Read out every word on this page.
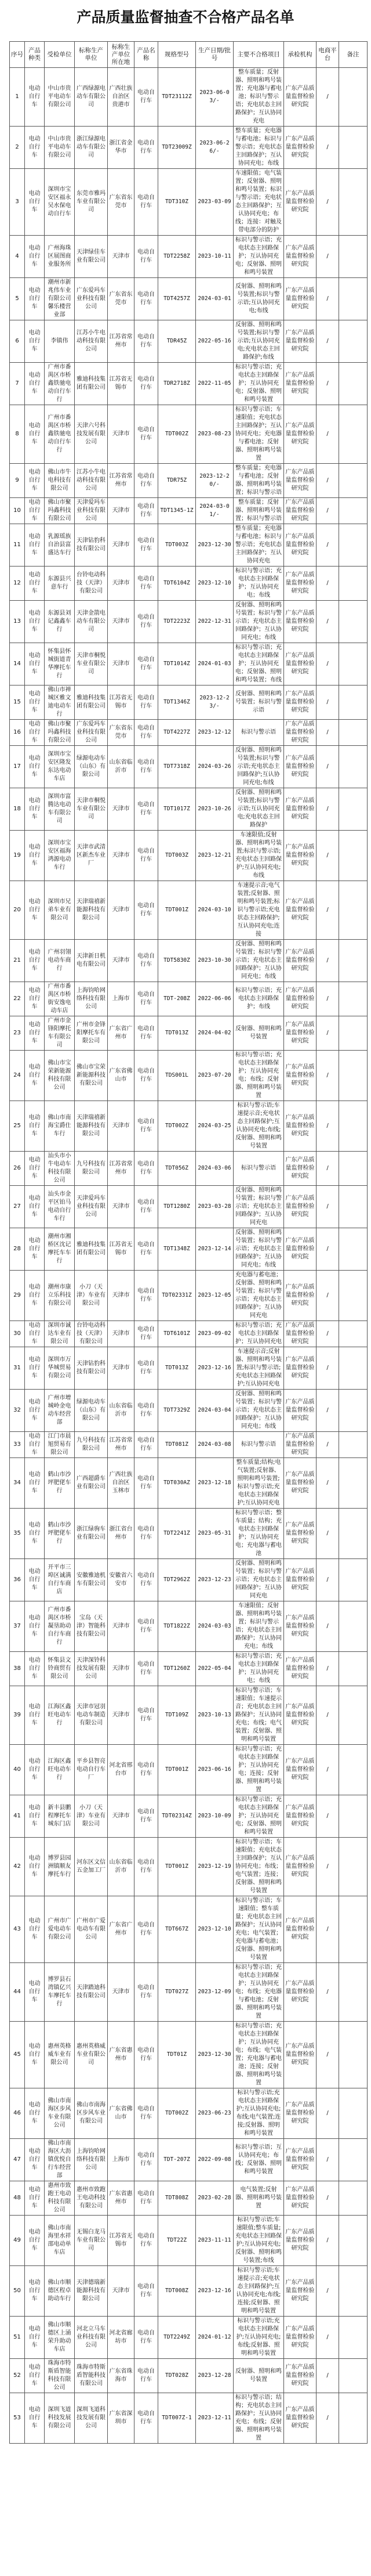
产品质量监督抽查不合格产品名单
序号	产品种类	受检单位	标称生产单位	标称生产单位所在地	产品名称	规格型号	生产日期/批号	主要不合格项目	承检机构	电商平台	备注
1	电动自行车	中山市贵平电动车有限公司	广西绿源电动车有限公司	广西壮族自治区 贵港市	电动自行车	TDT23112Z	2023-06-03/-	整车质量；反射器、照明和鸣号装置；充电器与蓄电池；标识与警示语；充电状态主回路保护；互认协同充电	广东产品质量监督检验研究院	/	
2	电动自行车	中山市贵平电动车有限公司	浙江绿源电动车有限公司	浙江省金华市	电动自行车	TDT23009Z	2023-06-26/-	整车质量；充电器与蓄电池；标识与警示语；充电状态主回路保护；互认协同充电；布线	广东产品质量监督检验研究院	/	
3	电动自行车	深圳市宝安区福永吴水保电动自行车	东莞市雅玛车业有限公司	广东省东莞市	电动自行车	TDT310Z	2023-03-09	车速限值；电气装置；反射器、照明和鸣号装置；标识与警示语；充电状态主回路保护；互认协同充电；布线；连接：对触及带电部分的防护	广东产品质量监督检验研究院	/	
4	电动自行车	广州海珠区展图商业服务所	天津绿佳车业有限公司	天津市	电动自行车	TDT2258Z	2023-10-11	标识与警示语；充电状态主回路保护；互认协同充电；反射器、照明和鸣号装置	广东产品质量监督检验研究院	/	
5	电动自行车	潮州市新兆伟车业有限公司馨乐楼营业部	广东爱玛车业科技有限公司	广东省东莞市	电动自行车	TDT4257Z	2024-03-01	反射器、照明和鸣号装置;标识与警示语;互认协同充电;布线	广东产品质量监督检验研究院	/	
6	电动自行车	李镇伟	江苏小牛电动科技有限公司	江苏省常州市	电动自行车	TDR45Z	2022-05-16	反射器、照明和鸣号装置;标识与警示语;互认协同充电;充电状态主回路保护;布线	广东产品质量监督检验研究院	/	
7	电动自行车	广州市番禺区市桥鑫铁驰电动自行车行	雅迪科技集团有限公司	江苏省无锡市	电动自行车	TDR2718Z	2022-11-05	标识与警示语；充电状态主回路保护；互认协同充电；反射器、照明和鸣号装置	广东产品质量监督检验研究院	/	
8	电动自行车	广州市番禺区市桥鑫铁驰电动自行车行	天津六号科技发展有限公司	天津市	电动自行车	TDT002Z	2023-08-23	标识与警示语；车速限值；充电状态主回路保护；互认协同充电；充电器与蓄电池；反射器、照明和鸣号装置	广东产品质量监督检验研究院	/	
9	电动自行车	佛山市牛电科技有限公司	江苏小牛电动科技有限公司	江苏省常州市	电动自行车	TDR75Z	2023-12-20/-	整车质量；充电器与蓄电池；反射器、照明和鸣号装置；标识与警示语	广东产品质量监督检验研究院	/	
10	电动自行车	佛山市聚玛鑫科技有限公司	天津爱玛车业科技有限公司	天津市	电动自行车	TDT1345-1Z	2024-03-01/-	整车质量；反射器、照明和鸣号装置；标识与警示语	广东产品质量监督检验研究院	/	
11	电动自行车	乳源瑶族自治县富盛达车行	天津钻豹科技有限公司	天津市	电动自行车	TDT003Z	2023-12-30	整车质量；充电器与蓄电池；标识与警示语；充电状态主回路保护；互认协同充电	广东产品质量监督检验研究院	/	
12	电动自行车	东源县兴意车行	台铃电动科技（天津）有限公司	天津市	电动自行车	TDT6104Z	2023-12-10	标识与警示语；充电状态主回路保护；互认协同充电；布线	广东产品质量监督检验研究院	/	
13	电动自行车	东源县刘记鑫鑫车行	天津金箭电动车有限公司	天津市	电动自行车	TDT2223Z	2022-12-31	反射器、照明和鸣号装置；标识与警示语；充电状态主回路保护；互认协同充电；布线	广东产品质量监督检验研究院	/	
14	电动自行车	怀集县怀城街道青华摩托车行	天津市桐悦车业有限公司	天津市	电动自行车	TDT1014Z	2024-01-03	标识与警示语；充电状态主回路保护；互认协同充电；反射器、照明和鸣号装置；布线	广东产品质量监督检验研究院	/	
15	电动自行车	佛山市禅城区雅文迪电动车行	雅迪科技集团有限公司	江苏省无锡市	电动自行车	TDT1346Z	2023-12-23/-	反射器、照明和鸣号装置；标识与警示语	广东产品质量监督检验研究院	/	
16	电动自行车	佛山市聚玛鑫科技有限公司	广东爱玛车业科技有限公司	广东省东莞市	电动自行车	TDT4227Z	2023-12-12	标识与警示语	广东产品质量监督检验研究院	/	
17	电动自行车	深圳市宝安区隆发东达电动车店	绿源电动车（山东）有限公司	山东省临沂市	电动自行车	TDT7318Z	2024-03-26	反射器、照明和鸣号装置;标识与警示语;充电状态主回路保护;互认协同充电;布线	广东产品质量监督检验研究院	/	
18	电动自行车	深圳市富腾达电动车有限公司	天津市桐悦车业有限公司	天津市	电动自行车	TDT1017Z	2023-10-26	反射器、照明和鸣号装置;标识与警示语;互认协同充电;充电状态主回路保护	广东产品质量监督检验研究院	/	
19	电动自行车	深圳市宝安区福海鸿源电动车行	天津市武清区新杰车业厂	天津市	电动自行车	TDT003Z	2023-12-21	车速限值;反射器、照明和鸣号装置;标识与警示语;充电状态主回路保护;互认协同充电;布线	广东产品质量监督检验研究院	/	
20	电动自行车	深圳市兄弟车业有限公司	天津瑞禧新能源科技有限公司	天津市	电动自行车	TDT001Z	2024-03-10	车速提示音;电气装置;反射器、照明和鸣号装置;标识与警示语;充电状态主回路保护;互认协同充电;连接	广东产品质量监督检验研究院	/	
21	电动自行车	广州羽翎电动车商行	天津新日机电有限公司	天津市	电动自行车	TDT5830Z	2023-10-30	反射器、照明和鸣号装置；标识与警示语；充电状态主回路保护；互认协同充电；布线	广东产品质量监督检验研究院	/	
22	电动自行车	广州市番禺区市桥街安逸电动车店	上海钧哈网络科技有限公司	上海市	电动自行车	TDT-208Z	2022-06-06	标识与警示语；充电状态主回路保护；布线	广东产品质量监督检验研究院	/	
23	电动自行车	广州市金锋阳摩托车有限公司	广州市金锋阳摩托车有限公司	广东省广州市	电动自行车	TDT013Z	2024-04-02	反射器、照明和鸣号装置	广东产品质量监督检验研究院	/	
24	电动自行车	佛山市宝荣新能源科技有限公司	佛山市宝荣新能源科技有限公司	广东省佛山市	电动自行车	TDS001L	2023-07-20	标识与警示语；充电状态主回路保护；互认协同充电；布线；反射器、照明和鸣号装置	广东产品质量监督检验研究院	/	
25	电动自行车	佛山市南海宝爵仕车行	天津瑞禧新能源科技有限公司	天津市	电动自行车	TDT002Z	2024-03-25	标识与警示语;车速提示音;充电状态主回路保护;互认协同充电;布线;反射器、照明和鸣号装置	广东产品质量监督检验研究院	/	
26	电动自行车	汕头市小牛电动车科技有限公司	九号科技有限公司	江苏省常州市	电动自行车	TDT056Z	2024-03-06	标识与警示语	广东产品质量监督检验研究院	/	
27	电动自行车	汕头市金平区铂马电动自行车行	天津爱玛车业科技有限公司	天津市	电动自行车	TDT1280Z	2023-03-28	反射器、照明和鸣号装置；标识与警示语；充电状态主回路保护；互认协同充电	广东产品质量监督检验研究院	/	
28	电动自行车	潮州市湘桥区沈记摩托车车行	雅迪科技集团有限公司	江苏省无锡市	电动自行车	TDT1348Z	2023-12-14	反射器、照明和鸣号装置；标识与警示语；充电状态主回路保护；互认协同充电；布线	广东产品质量监督检验研究院	/	
29	电动自行车	潮州市康立乐科技有限公司	小刀（天津）车业有限公司	天津市	电动自行车	TDT02331Z	2023-12-05	充电器与蓄电池；反射器、照明和鸣号装置；标识与警示语；充电状态主回路保护；互认协同充电	广东产品质量监督检验研究院	/	
30	电动自行车	深圳市诚达车业有限公司	台铃电动科技（天津）有限公司	天津市	电动自行车	TDT6101Z	2023-09-02	标识与警示语；充电状态主回路保护；互认协同充电	广东产品质量监督检验研究院	/	
31	电动自行车	深圳市万华城贸易有限公司	天津钻豹科技有限公司	天津市	电动自行车	TDT013Z	2023-12-16	车速提示音;反射器、照明和鸣号装置;标识与警示语;充电状态主回路保护;互认协同充电	广东产品质量监督检验研究院	/	
32	电动自行车	广州市增城岭金电动车经营部	绿源电动车（山东）有限公司	山东省临沂市	电动自行车	TDT7329Z	2024-03-04	反射器、照明和鸣号装置；标识与警示语；充电状态主回路保护；互认协同充电；布线	广东产品质量监督检验研究院	/	
33	电动自行车	江门市晨旭贸易有限公司	九号科技有限公司	江苏省常州市	电动自行车	TDT081Z	2024-03-08	标识与警示语	广东产品质量监督检验研究院	/	
34	电动自行车	鹤山市沙坪肥佬车行	广西超爵车业有限公司	广西壮族自治区 玉林市	电动自行车	TDT030AZ	2023-12-18	整车质量;结构;电气装置;反射器、照明和鸣号装置;标识与警示语;充电状态主回路保护;互认协同充电	广东产品质量监督检验研究院	/	
35	电动自行车	鹤山市沙坪肥佬车行	浙江绿驹车业有限公司	浙江省台州市	电动自行车	TDT2241Z	2023-05-31	标识与警示语；整车质量；结构；充电状态主回路保护；互认协同充电；充电器与蓄电池	广东产品质量监督检验研究院	/	
36	电动自行车	开平市三埠区诚满自行车商店	安徽雅迪机车有限公司	安徽省六安市	电动自行车	TDT2962Z	2023-12-23	反射器、照明和鸣号装置；标识与警示语；充电状态主回路保护；互认协同充电	广东产品质量监督检验研究院	/	
37	电动自行车	广州市番禺区市桥凝垦助动自行车商行	宝岛（天津）智能科技有限公司	天津市	电动自行车	TDT1822Z	2024-03-03	车速限值；反射器、照明和鸣号装置；标识与警示语；充电状态主回路保护；互认协同充电；布线	广东产品质量监督检验研究院	/	
38	电动自行车	怀集县文铃商贸有限公司	天津深铃科技发展有限公司	天津市	电动自行车	TDT1260Z	2022-05-04	标识与警示语；充电状态主回路保护；互认协同充电；布线	广东产品质量监督检验研究院	/	
39	电动自行车	江海区鑫旺电动车行	天津市冠羽电动车制造有限公司	天津市	电动自行车	TDT109Z	2023-10-13	标识与警示语；车速限值；车速提示音；充电状态主回路保护；互认协同充电；布线；电气装置；反射器、照明和鸣号装置	广东产品质量监督检验研究院	/	
40	电动自行车	江海区鑫旺电动车行	平乡县智亮电动自行车厂	河北省邢台市	电动自行车	TDT001Z	2023-06-16	标识与警示语；充电状态主回路保护；互认协同充电；连接；反射器、照明和鸣号装置	广东产品质量监督检验研究院	/	
41	电动自行车	新丰县鹏程摩托车城东门店	小刀（天津）车业有限公司	天津市	电动自行车	TDT02314Z	2023-10-09	标识与警示语；充电状态主回路保护；互认协同充电；反射器、照明和鸣号装置	广东产品质量监督检验研究院	/	
42	电动自行车	博罗县园洲镇顺友摩托车行	河东区文信五金加工厂	山东省临沂市	电动自行车	TDT001Z	2023-12-19	标识与警示语；车速限值；充电状态主回路保护；互认协同充电；布线；电气装置；连接；反射器、照明和鸣号装置	广东产品质量监督检验研究院	/	
43	电动自行车	广州市广爱电动车有限公司	广州市广爱电动车有限公司	广东省广州市	电动自行车	TDT667Z	2023-12-10	标识与警示语；车速限值；整车质量；充电状态主回路保护；互认协同充电；电气装置；充电器与蓄电池；反射器、照明和鸣号装置	广东产品质量监督检验研究院	/	
44	电动自行车	博罗县石湾镇亿兴车摩托车行	天津踏迪科技有限公司	天津市	电动自行车	TDT027Z	2023-12-09	标识与警示语；充电状态主回路保护；互认协同充电；布线；充电器与蓄电池；反射器、照明和鸣号装置	广东产品质量监督检验研究院	/	
45	电动自行车	惠州英格威车业有限公司	惠州英格威车业有限公司	广东省惠州市	电动自行车	TDT01Z	2023-12-30	标识与警示语；充电状态主回路保护；互认协同充电；布线；电气装置；充电器与蓄电池；连接；反射器、照明和鸣号装置	广东产品质量监督检验研究院	/	
46	电动自行车	佛山市南海区步风车业有限公司	佛山市南海区步风车业有限公司	广东省佛山市	电动自行车	TDT002Z	2023-06-23	标识与警示语;充电状态主回路保护;互认协同充电;布线;电气装置;连接;反射器、照明和鸣号装置	广东产品质量监督检验研究院	/	
47	电动自行车	佛山市南海区大沥镇优悦自行车经营部	上海钧哈网络科技有限公司	上海市	电动自行车	TDT-207Z	2022-09-08	标识与警示语；互认协同充电；布线；反射器、照明和鸣号装置	广东产品质量监督检验研究院	/	
48	电动自行车	惠州市致跑王电动科技有限公司	惠州市致跑王电动科技有限公司	广东省惠州市	电动自行车	TDT808Z	2023-02-28	电气装置;反射器、照明和鸣号装置	广东产品质量监督检验研究院	/	
49	电动自行车	佛山市南海里水祥邵电动单车店	无锡白龙马车业有限公司	江苏省无锡市	电动自行车	TDT22Z	2023-11-11	标识与警示语;车速限值;整车质量;充电状态主回路保护;互认协同充电;反射器、照明和鸣号装置;布线	广东产品质量监督检验研究院	/	
50	电动自行车	佛山市顺德区程卓助动车行	天津德瑞新能源科技有限公司	天津市	电动自行车	TDT008Z	2023-12-16	标识与警示语;车速提示音;充电状态主回路保护;互认协同充电;布线;连接;反射器、照明和鸣号装置	广东产品质量监督检验研究院	/	
51	电动自行车	佛山市顺德区上涌荣升助动车店	河北立马车业科技有限公司	河北省廊坊市	电动自行车	TDT2249Z	2024-01-12	标识与警示语;充电状态主回路保护;互认协同充电;布线;反射器、照明和鸣号装置	广东产品质量监督检验研究院	/	
52	电动自行车	珠海市特斯盾智能科技有限公司	珠海市特斯盾智能科技有限公司	广东省珠海市	电动自行车	TDT028Z	2023-12-28	反射器、照明和鸣号装置	广东产品质量监督检验研究院	/	
53	电动自行车	深圳飞道科技发展有限公司	深圳飞道科技发展有限公司	广东省深圳市	电动自行车	TDT007Z-1	2023-12-11	标识与警示语；结构；充电状态主回路保护；互认协同充电；布线；反射器、照明和鸣号装置	广东产品质量监督检验研究院	/	
